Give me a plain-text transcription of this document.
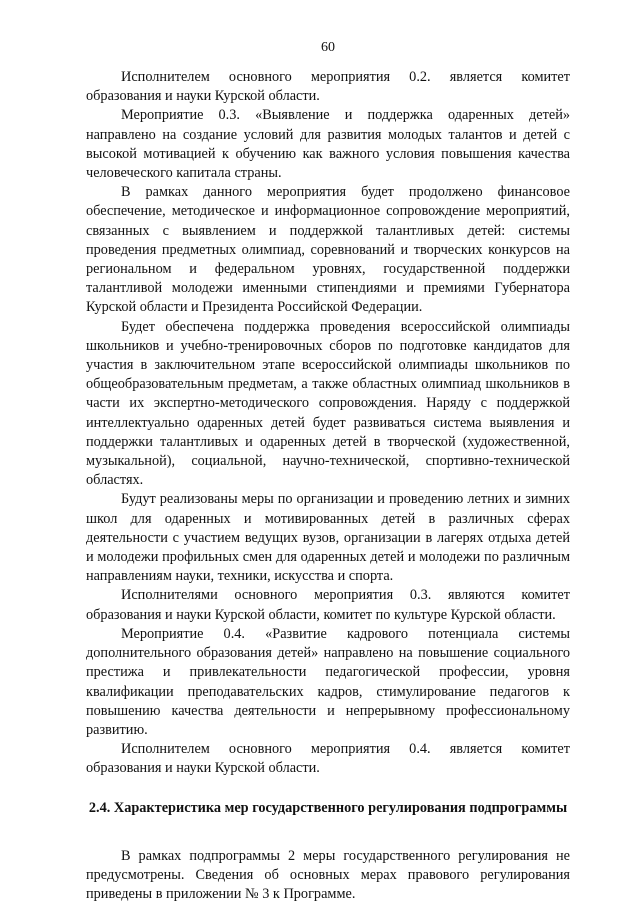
60

Исполнителем основного мероприятия 0.2. является комитет образования и науки Курской области.

Мероприятие 0.3. «Выявление и поддержка одаренных детей» направлено на создание условий для развития молодых талантов и детей с высокой мотивацией к обучению как важного условия повышения качества человеческого капитала страны.

В рамках данного мероприятия будет продолжено финансовое обеспечение, методическое и информационное сопровождение мероприятий, связанных с выявлением и поддержкой талантливых детей: системы проведения предметных олимпиад, соревнований и творческих конкурсов на региональном и федеральном уровнях, государственной поддержки талантливой молодежи именными стипендиями и премиями Губернатора Курской области и Президента Российской Федерации.

Будет обеспечена поддержка проведения всероссийской олимпиады школьников и учебно-тренировочных сборов по подготовке кандидатов для участия в заключительном этапе всероссийской олимпиады школьников по общеобразовательным предметам, а также областных олимпиад школьников в части их экспертно-методического сопровождения. Наряду с поддержкой интеллектуально одаренных детей будет развиваться система выявления и поддержки талантливых и одаренных детей в творческой (художественной, музыкальной), социальной, научно-технической, спортивно-технической областях.

Будут реализованы меры по организации и проведению летних и зимних школ для одаренных и мотивированных детей в различных сферах деятельности с участием ведущих вузов, организации в лагерях отдыха детей и молодежи профильных смен для одаренных детей и молодежи по различным направлениям науки, техники, искусства и спорта.

Исполнителями основного мероприятия 0.3. являются комитет образования и науки Курской области, комитет по культуре Курской области.

Мероприятие 0.4. «Развитие кадрового потенциала системы дополнительного образования детей» направлено на повышение социального престижа и привлекательности педагогической профессии, уровня квалификации преподавательских кадров, стимулирование педагогов к повышению качества деятельности и непрерывному профессиональному развитию.

Исполнителем основного мероприятия 0.4. является комитет образования и науки Курской области.

2.4. Характеристика мер государственного регулирования подпрограммы

В рамках подпрограммы 2 меры государственного регулирования не предусмотрены. Сведения об основных мерах правового регулирования приведены в приложении № 3 к Программе.
